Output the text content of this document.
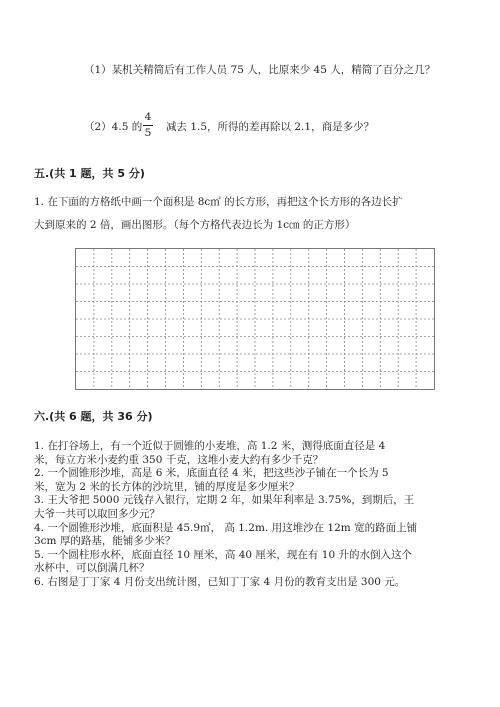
（1）某机关精简后有工作人员 75 人，比原来少 45 人，精简了百分之几？
（2）4.5 的
4
5	减去 1.5，所得的差再除以 2.1，商是多少？
五.(共 1 题，共 5 分)
1. 在下面的方格纸中画一个面积是 8c㎡ 的长方形，再把这个长方形的各边长扩
大到原来的 2 倍，画出图形。（每个方格代表边长为 1c㎝ 的正方形）
六.(共 6 题，共 36 分)
1. 在打谷场上，有一个近似于圆锥的小麦堆，高 1.2 米，测得底面直径是 4
米，每立方米小麦约重 350 千克，这堆小麦大约有多少千克？
2. 一个圆锥形沙堆，高是 6 米，底面直径 4 米，把这些沙子铺在一个长为 5
米，宽为 2 米的长方体的沙坑里，铺的厚度是多少厘米？
3. 王大爷把 5000 元钱存入银行，定期 2 年，如果年利率是 3.75%，到期后，王
大爷一共可以取回多少元？
4. 一个圆锥形沙堆，底面积是 45.9㎡， 高 1.2m. 用这堆沙在 12m 宽的路面上铺
3cm 厚的路基，能铺多少米？
5. 一个圆柱形水杯，底面直径 10 厘米，高 40 厘米，现在有 10 升的水倒入这个
水杯中，可以倒满几杯？
6. 右图是丁丁家 4 月份支出统计图，已知丁丁家 4 月份的教育支出是 300 元。
